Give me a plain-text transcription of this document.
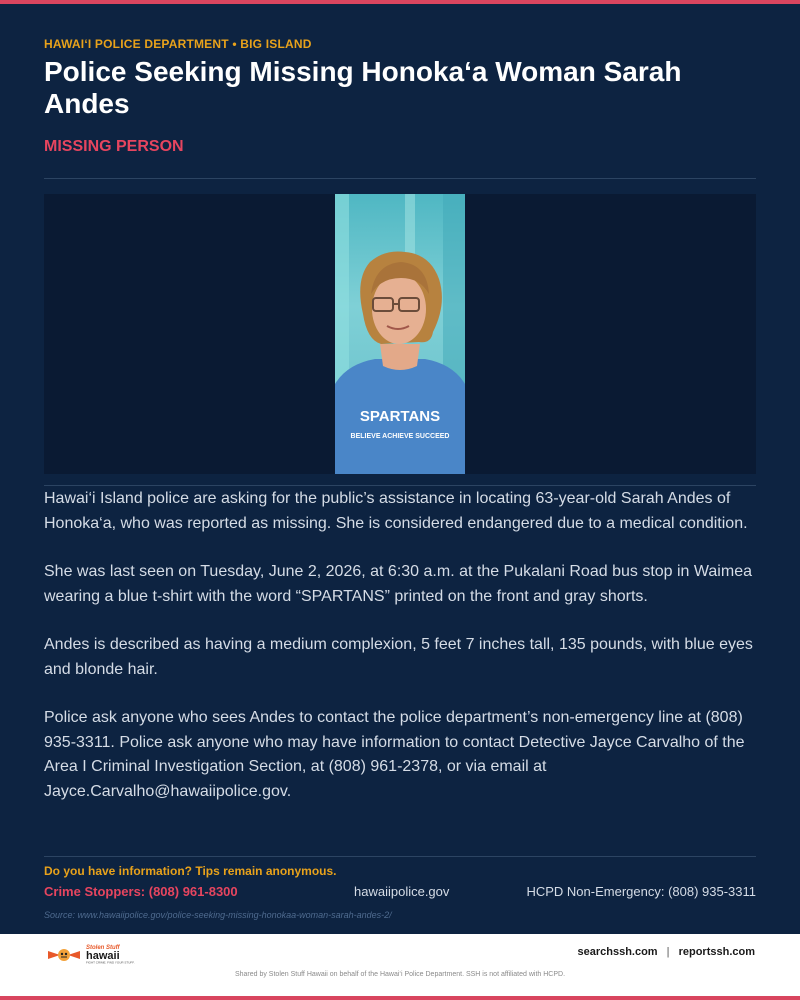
HAWAI‘I POLICE DEPARTMENT • BIG ISLAND
Police Seeking Missing Honoka‘a Woman Sarah Andes
MISSING PERSON
SPARTANS
BELIEVE ACHIEVE SUCCEED

Hawai‘i Island police are asking for the public’s assistance in locating 63-year-old Sarah Andes of Honoka‘a, who was reported as missing. She is considered endangered due to a medical condition.

She was last seen on Tuesday, June 2, 2026, at 6:30 a.m. at the Pukalani Road bus stop in Waimea wearing a blue t-shirt with the word “SPARTANS” printed on the front and gray shorts.

Andes is described as having a medium complexion, 5 feet 7 inches tall, 135 pounds, with blue eyes and blonde hair.

Police ask anyone who sees Andes to contact the police department’s non-emergency line at (808) 935-3311. Police ask anyone who may have information to contact Detective Jayce Carvalho of the Area I Criminal Investigation Section, at (808) 961-2378, or via email at Jayce.Carvalho@hawaiipolice.gov.

Do you have information? Tips remain anonymous.
Crime Stoppers: (808) 961-8300	hawaiipolice.gov	HCPD Non-Emergency: (808) 935-3311
Source: www.hawaiipolice.gov/police-seeking-missing-honokaa-woman-sarah-andes-2/
Stolen Stuff
hawaii
FIGHT CRIME. FIND YOUR STUFF.
searchssh.com | reportssh.com
Shared by Stolen Stuff Hawaii on behalf of the Hawai‘i Police Department. SSH is not affiliated with HCPD.
